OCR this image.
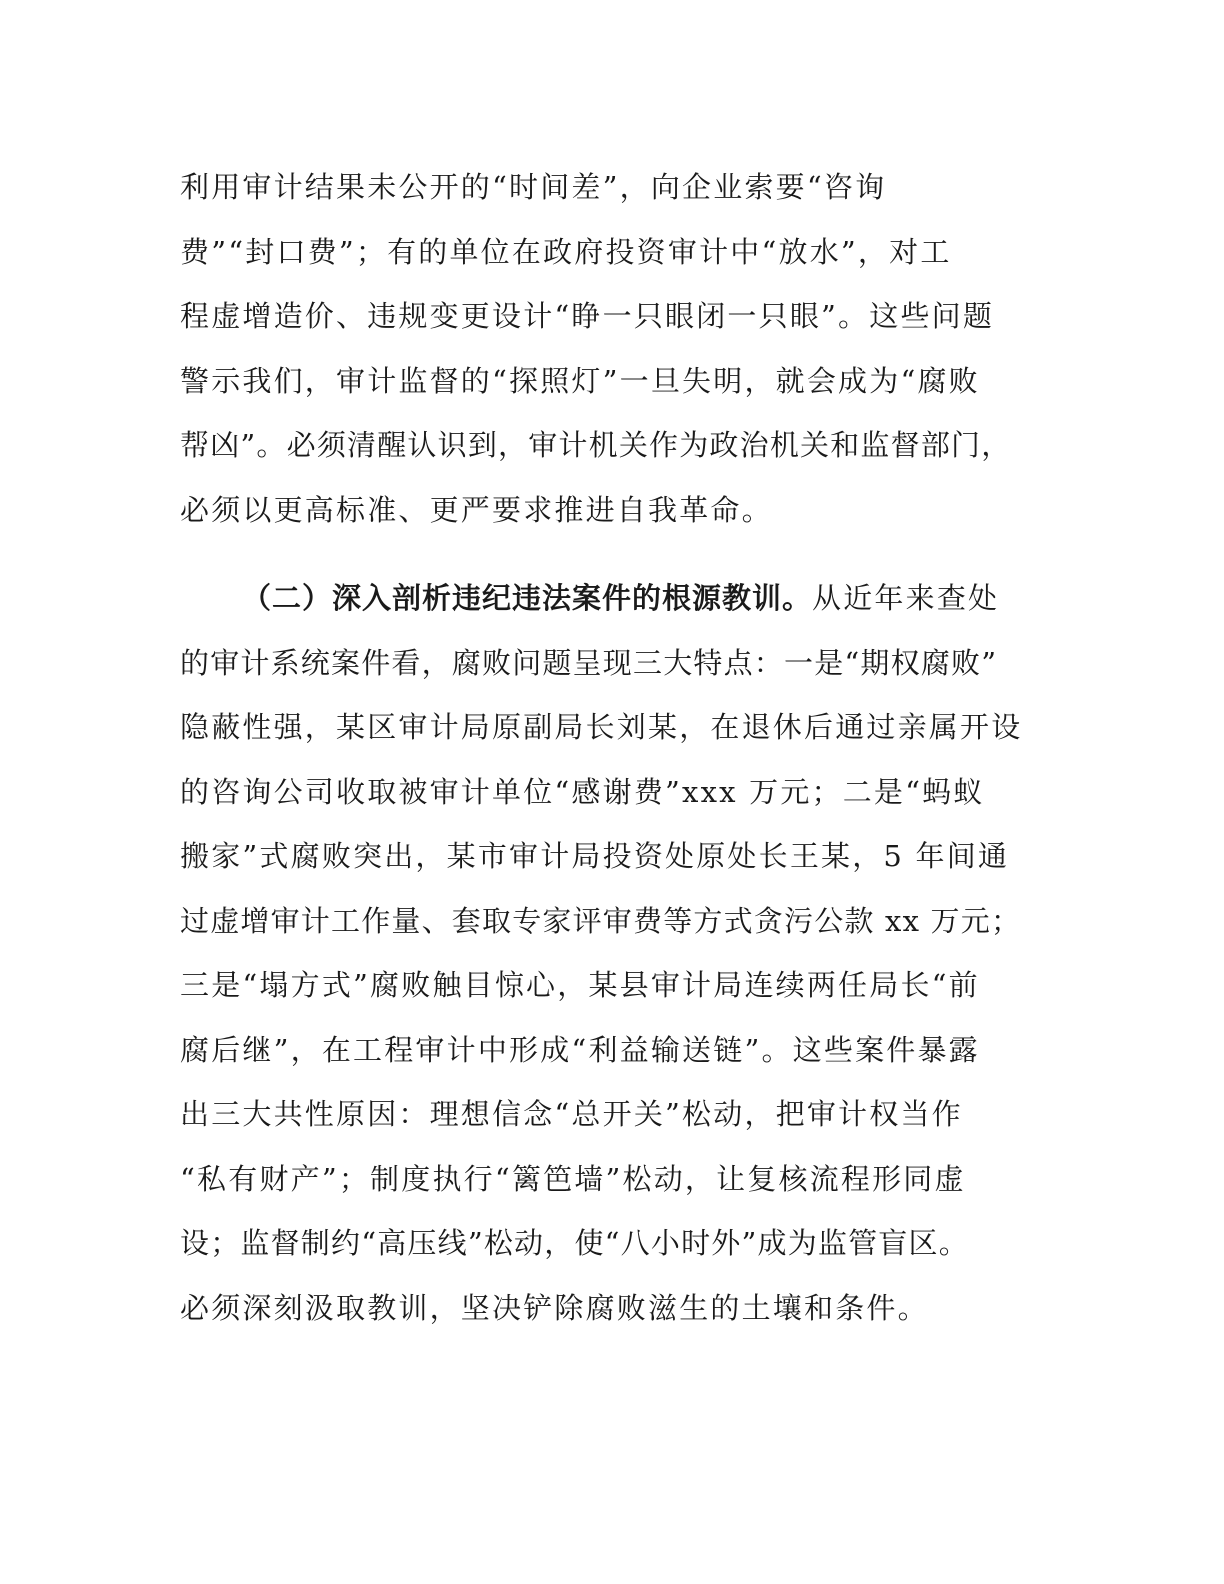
利用审计结果未公开的“时间差”，向企业索要“咨询
费”“封口费”；有的单位在政府投资审计中“放水”，对工
程虚增造价、违规变更设计“睁一只眼闭一只眼”。这些问题
警示我们，审计监督的“探照灯”一旦失明，就会成为“腐败
帮凶”。必须清醒认识到，审计机关作为政治机关和监督部门，
必须以更高标准、更严要求推进自我革命。
（二）深入剖析违纪违法案件的根源教训。从近年来查处
的审计系统案件看，腐败问题呈现三大特点：一是“期权腐败”
隐蔽性强，某区审计局原副局长刘某，在退休后通过亲属开设
的咨询公司收取被审计单位“感谢费”xxx 万元；二是“蚂蚁
搬家”式腐败突出，某市审计局投资处原处长王某，5 年间通
过虚增审计工作量、套取专家评审费等方式贪污公款 xx 万元；
三是“塌方式”腐败触目惊心，某县审计局连续两任局长“前
腐后继”，在工程审计中形成“利益输送链”。这些案件暴露
出三大共性原因：理想信念“总开关”松动，把审计权当作
“私有财产”；制度执行“篱笆墙”松动，让复核流程形同虚
设；监督制约“高压线”松动，使“八小时外”成为监管盲区。
必须深刻汲取教训，坚决铲除腐败滋生的土壤和条件。
